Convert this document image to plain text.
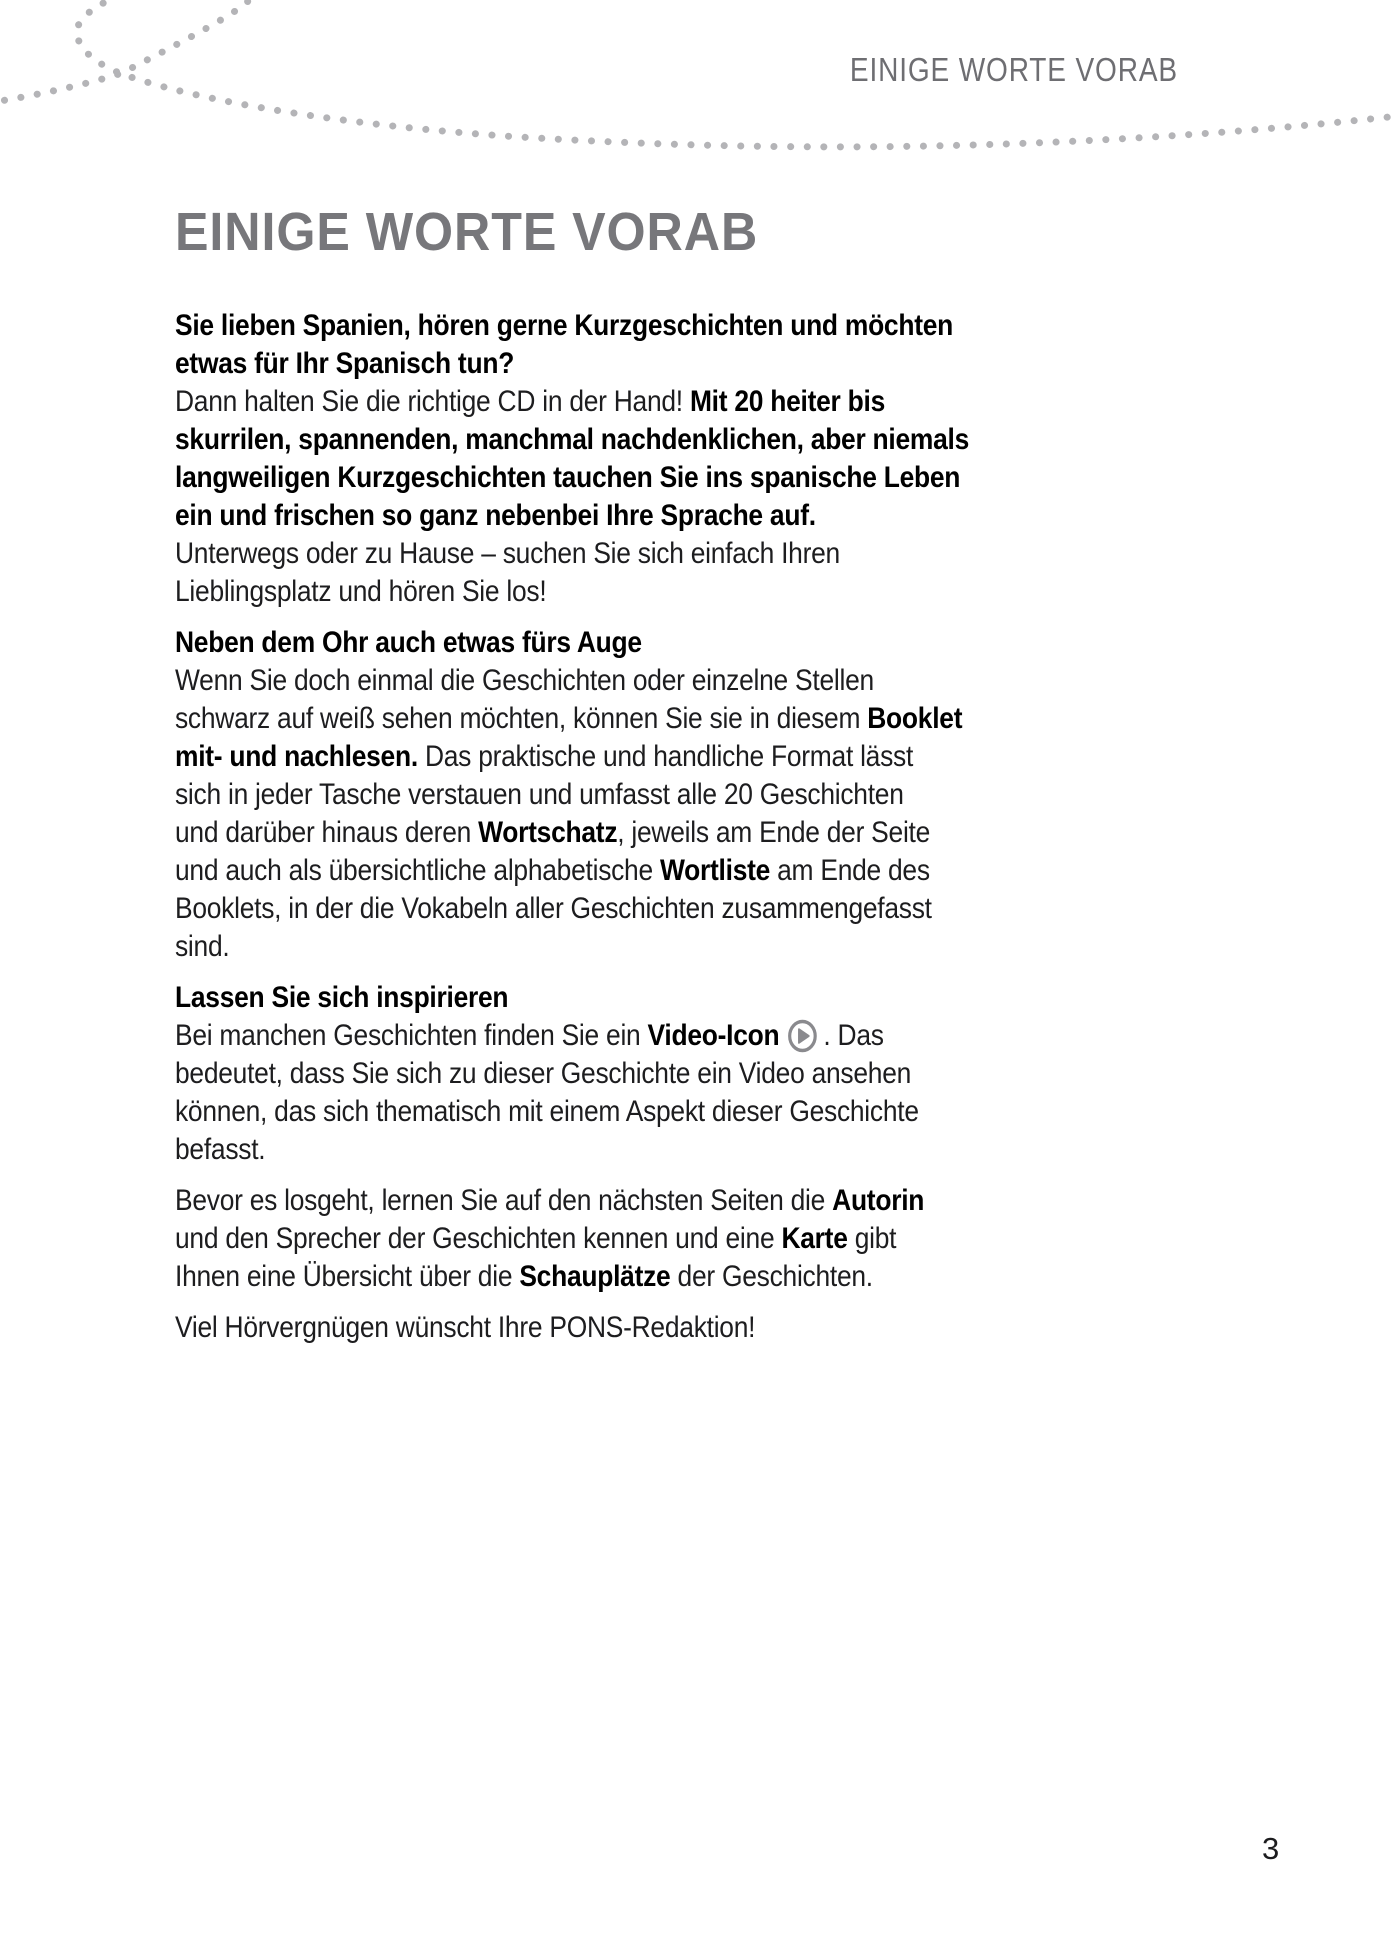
EINIGE WORTE VORAB
EINIGE WORTE VORAB
Sie lieben Spanien, hören gerne Kurzgeschichten und möchten
etwas für Ihr Spanisch tun?
Dann halten Sie die richtige CD in der Hand! Mit 20 heiter bis
skurrilen, spannenden, manchmal nachdenklichen, aber niemals
langweiligen Kurzgeschichten tauchen Sie ins spanische Leben
ein und frischen so ganz nebenbei Ihre Sprache auf.
Unterwegs oder zu Hause – suchen Sie sich einfach Ihren
Lieblingsplatz und hören Sie los!
Neben dem Ohr auch etwas fürs Auge
Wenn Sie doch einmal die Geschichten oder einzelne Stellen
schwarz auf weiß sehen möchten, können Sie sie in diesem Booklet
mit- und nachlesen. Das praktische und handliche Format lässt
sich in jeder Tasche verstauen und umfasst alle 20 Geschichten
und darüber hinaus deren Wortschatz, jeweils am Ende der Seite
und auch als übersichtliche alphabetische Wortliste am Ende des
Booklets, in der die Vokabeln aller Geschichten zusammengefasst
sind.
Lassen Sie sich inspirieren
Bei manchen Geschichten finden Sie ein Video-Icon . Das
bedeutet, dass Sie sich zu dieser Geschichte ein Video ansehen
können, das sich thematisch mit einem Aspekt dieser Geschichte
befasst.
Bevor es losgeht, lernen Sie auf den nächsten Seiten die Autorin
und den Sprecher der Geschichten kennen und eine Karte gibt
Ihnen eine Übersicht über die Schauplätze der Geschichten.
Viel Hörvergnügen wünscht Ihre PONS-Redaktion!
3
